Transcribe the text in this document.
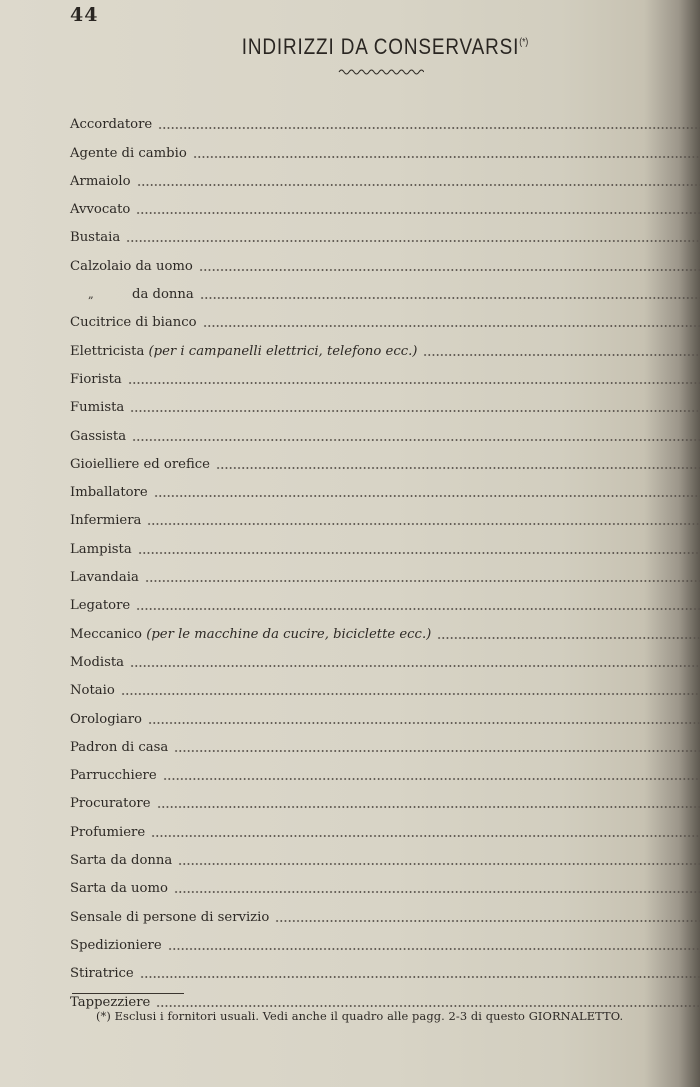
44
INDIRIZZI DA CONSERVARSI(*)
Accordatore
Agente di cambio
Armaiolo
Avvocato
Bustaia
Calzolaio da uomo
„	da donna
Cucitrice di bianco
Elettricista (per i campanelli elettrici, telefono ecc.)
Fiorista
Fumista
Gassista
Gioielliere ed orefice
Imballatore
Infermiera
Lampista
Lavandaia
Legatore
Meccanico (per le macchine da cucire, biciclette ecc.)
Modista
Notaio
Orologiaro
Padron di casa
Parrucchiere
Procuratore
Profumiere
Sarta da donna
Sarta da uomo
Sensale di persone di servizio
Spedizioniere
Stiratrice
Tappezziere
(*) Esclusi i fornitori usuali. Vedi anche il quadro alle pagg. 2-3 di questo GIORNALETTO.
